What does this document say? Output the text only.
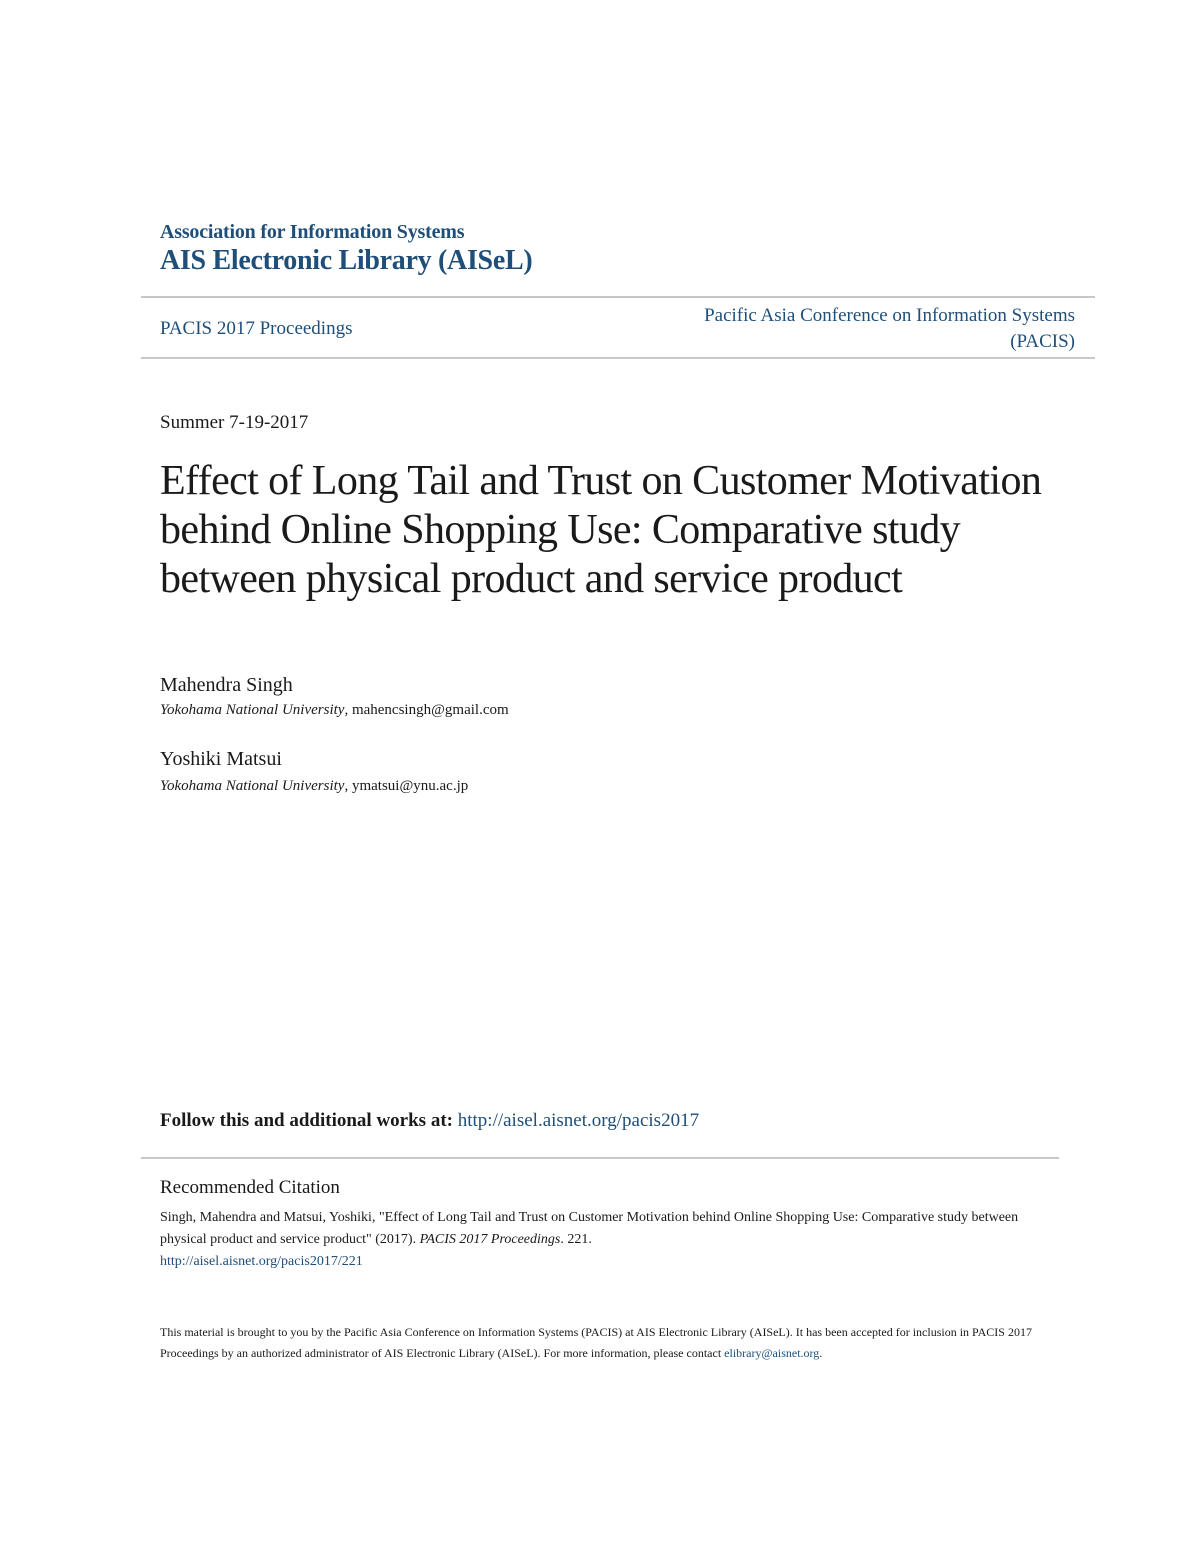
Association for Information Systems
AIS Electronic Library (AISeL)
PACIS 2017 Proceedings
Pacific Asia Conference on Information Systems
(PACIS)
Summer 7-19-2017
Effect of Long Tail and Trust on Customer Motivation behind Online Shopping Use: Comparative study between physical product and service product
Mahendra Singh
Yokohama National University, mahencsingh@gmail.com
Yoshiki Matsui
Yokohama National University, ymatsui@ynu.ac.jp
Follow this and additional works at: http://aisel.aisnet.org/pacis2017
Recommended Citation
Singh, Mahendra and Matsui, Yoshiki, "Effect of Long Tail and Trust on Customer Motivation behind Online Shopping Use: Comparative study between physical product and service product" (2017). PACIS 2017 Proceedings. 221.
http://aisel.aisnet.org/pacis2017/221
This material is brought to you by the Pacific Asia Conference on Information Systems (PACIS) at AIS Electronic Library (AISeL). It has been accepted for inclusion in PACIS 2017 Proceedings by an authorized administrator of AIS Electronic Library (AISeL). For more information, please contact elibrary@aisnet.org.
